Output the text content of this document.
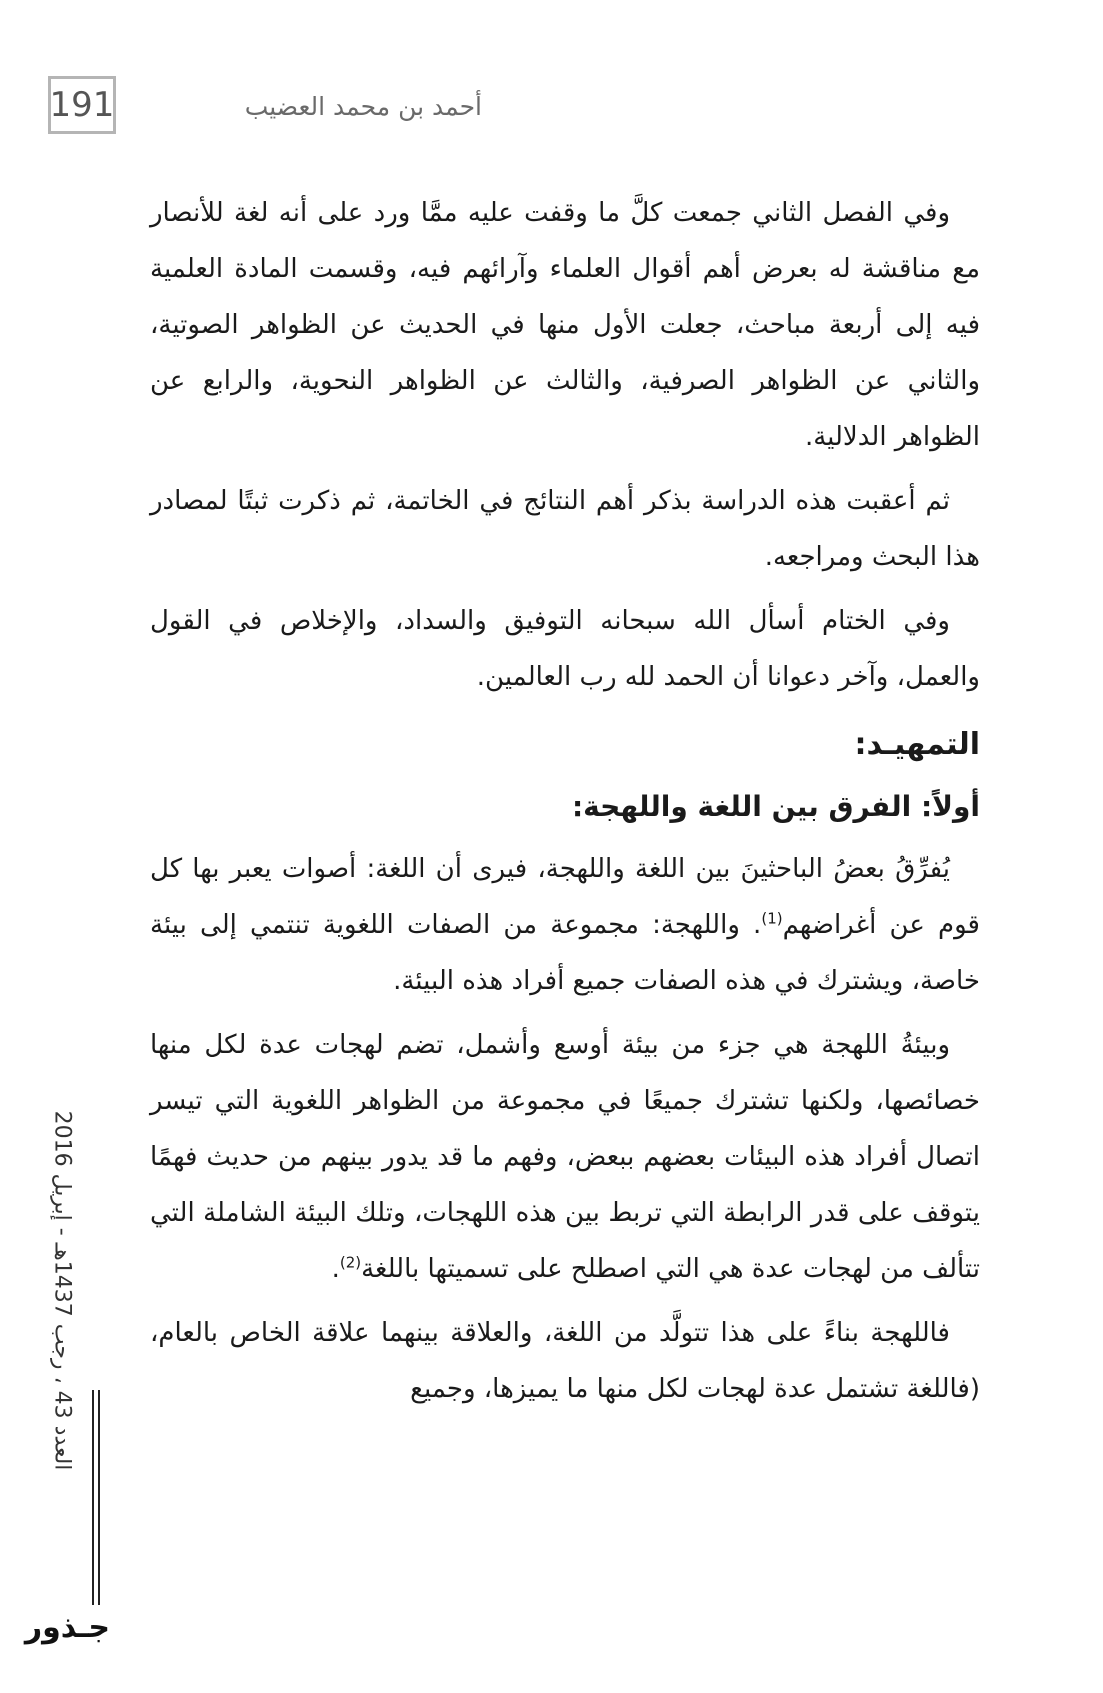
191	أحمد بن محمد العضيب

وفي الفصل الثاني جمعت كلَّ ما وقفت عليه ممَّا ورد على أنه لغة للأنصار مع مناقشة له بعرض أهم أقوال العلماء وآرائهم فيه، وقسمت المادة العلمية فيه إلى أربعة مباحث، جعلت الأول منها في الحديث عن الظواهر الصوتية، والثاني عن الظواهر الصرفية، والثالث عن الظواهر النحوية، والرابع عن الظواهر الدلالية.

ثم أعقبت هذه الدراسة بذكر أهم النتائج في الخاتمة، ثم ذكرت ثبتًا لمصادر هذا البحث ومراجعه.

وفي الختام أسأل الله سبحانه التوفيق والسداد، والإخلاص في القول والعمل، وآخر دعوانا أن الحمد لله رب العالمين.

التمهيـد:
أولاً: الفرق بين اللغة واللهجة:

يُفرِّقُ بعضُ الباحثينَ بين اللغة واللهجة، فيرى أن اللغة: أصوات يعبر بها كل قوم عن أغراضهم$^{(1)}$. واللهجة: مجموعة من الصفات اللغوية تنتمي إلى بيئة خاصة، ويشترك في هذه الصفات جميع أفراد هذه البيئة.

وبيئةُ اللهجة هي جزء من بيئة أوسع وأشمل، تضم لهجات عدة لكل منها خصائصها، ولكنها تشترك جميعًا في مجموعة من الظواهر اللغوية التي تيسر اتصال أفراد هذه البيئات بعضهم ببعض، وفهم ما قد يدور بينهم من حديث فهمًا يتوقف على قدر الرابطة التي تربط بين هذه اللهجات، وتلك البيئة الشاملة التي تتألف من لهجات عدة هي التي اصطلح على تسميتها باللغة$^{(2)}$.

فاللهجة بناءً على هذا تتولَّد من اللغة، والعلاقة بينهما علاقة الخاص بالعام، (فاللغة تشتمل عدة لهجات لكل منها ما يميزها، وجميع

العدد 43 ، رجب 1437هـ - إبريل 2016
جـذور
